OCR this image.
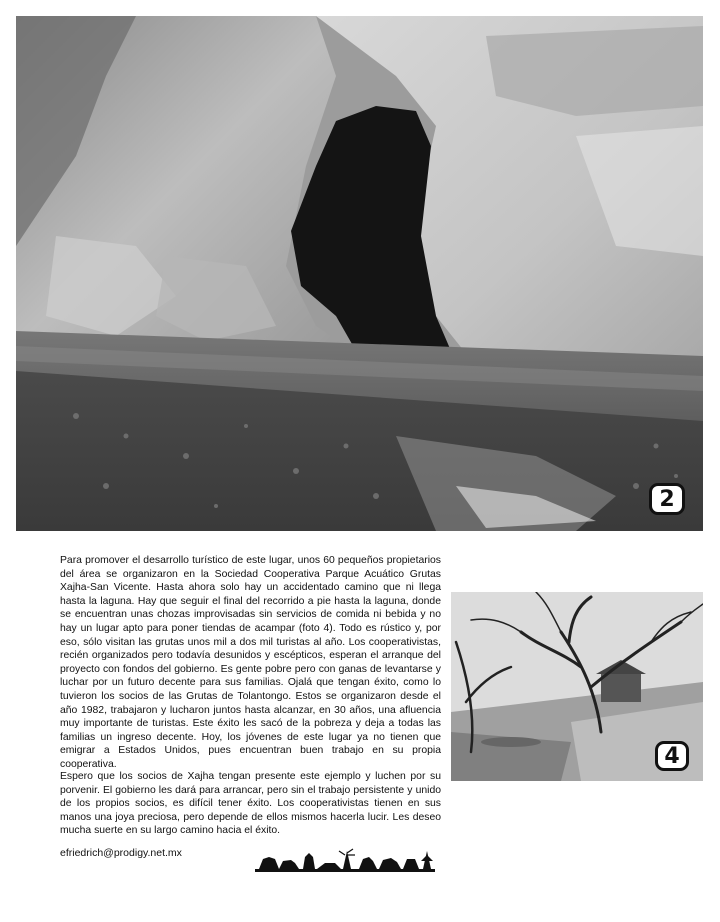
2
4

Para promover el desarrollo turístico de este lugar, unos 60 pequeños propietarios del área se organizaron en la Sociedad Cooperativa Parque Acuático Grutas Xajha-San Vicente. Hasta ahora solo hay un accidentado camino que ni llega hasta la laguna. Hay que seguir el final del recorrido a pie hasta la laguna, donde se encuentran unas chozas improvisadas sin servicios de comida ni bebida y no hay un lugar apto para poner tiendas de acampar (foto 4). Todo es rústico y, por eso, sólo visitan las grutas unos mil a dos mil turistas al año. Los cooperativistas, recién organizados pero todavía desunidos y escépticos, esperan el arranque del proyecto con fondos del gobierno. Es gente pobre pero con ganas de levantarse y luchar por un futuro decente para sus familias. Ojalá que tengan éxito, como lo tuvieron los socios de las Grutas de Tolantongo. Estos se organizaron desde el año 1982, trabajaron y lucharon juntos hasta alcanzar, en 30 años, una afluencia muy importante de turistas. Este éxito les sacó de la pobreza y deja a todas las familias un ingreso decente. Hoy, los jóvenes de este lugar ya no tienen que emigrar a Estados Unidos, pues encuentran buen trabajo en su propia cooperativa.

Espero que los socios de Xajha tengan presente este ejemplo y luchen por su porvenir. El gobierno les dará para arrancar, pero sin el trabajo persistente y unido de los propios socios, es difícil tener éxito. Los cooperativistas tienen en sus manos una joya preciosa, pero depende de ellos mismos hacerla lucir. Les deseo mucha suerte en su largo camino hacia el éxito.

efriedrich@prodigy.net.mx
